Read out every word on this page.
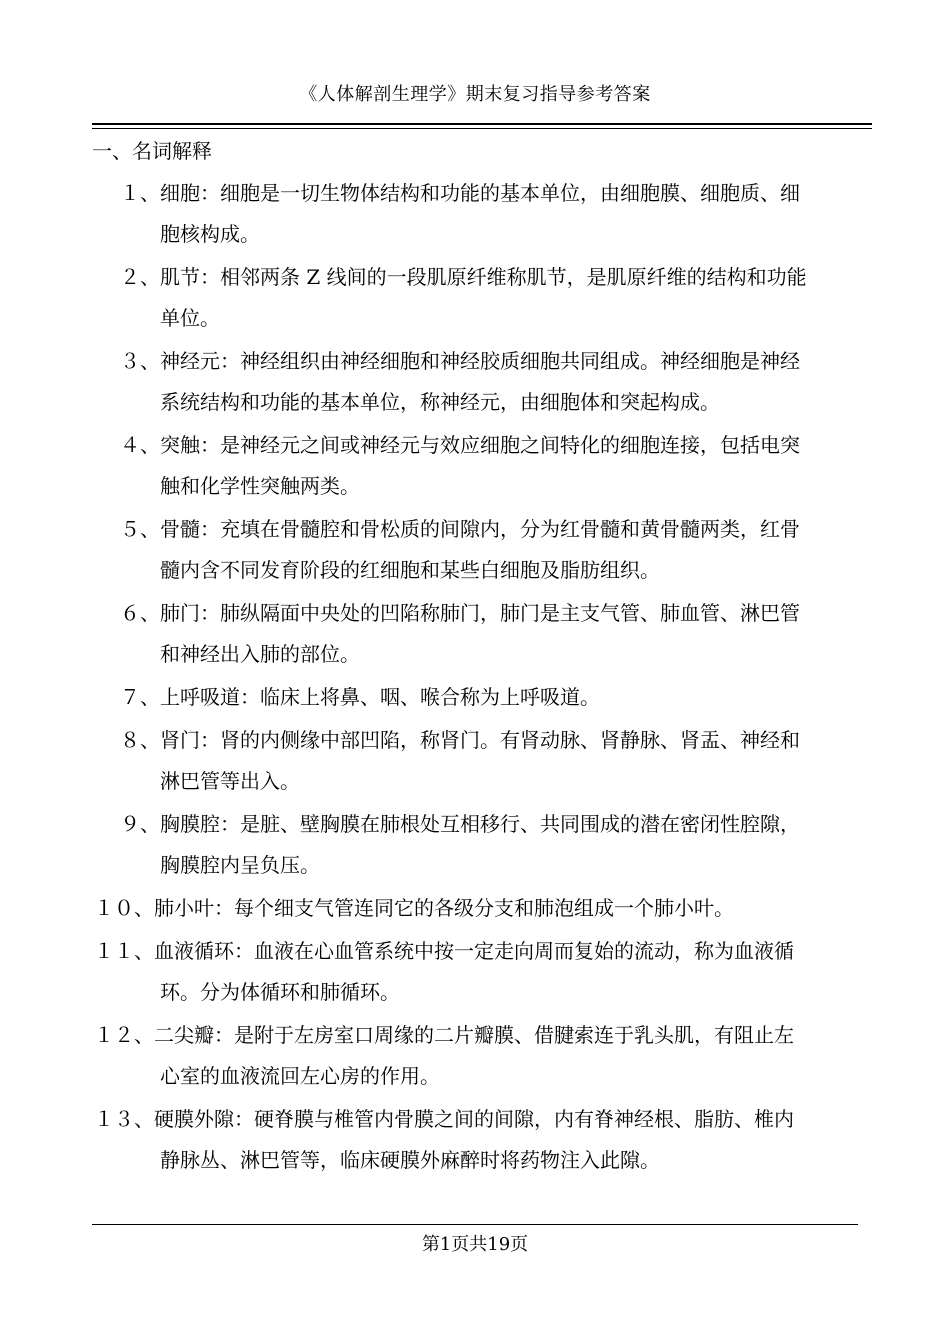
《人体解剖生理学》期末复习指导参考答案
一、名词解释
１、细胞：细胞是一切生物体结构和功能的基本单位，由细胞膜、细胞质、细
胞核构成。
２、肌节：相邻两条 Z 线间的一段肌原纤维称肌节，是肌原纤维的结构和功能
单位。
３、神经元：神经组织由神经细胞和神经胶质细胞共同组成。神经细胞是神经
系统结构和功能的基本单位，称神经元，由细胞体和突起构成。
４、突触：是神经元之间或神经元与效应细胞之间特化的细胞连接，包括电突
触和化学性突触两类。
５、骨髓：充填在骨髓腔和骨松质的间隙内，分为红骨髓和黄骨髓两类，红骨
髓内含不同发育阶段的红细胞和某些白细胞及脂肪组织。
６、肺门：肺纵隔面中央处的凹陷称肺门，肺门是主支气管、肺血管、淋巴管
和神经出入肺的部位。
７、上呼吸道：临床上将鼻、咽、喉合称为上呼吸道。
８、肾门：肾的内侧缘中部凹陷，称肾门。有肾动脉、肾静脉、肾盂、神经和
淋巴管等出入。
９、胸膜腔：是脏、壁胸膜在肺根处互相移行、共同围成的潜在密闭性腔隙，
胸膜腔内呈负压。
１０、肺小叶：每个细支气管连同它的各级分支和肺泡组成一个肺小叶。
１１、血液循环：血液在心血管系统中按一定走向周而复始的流动，称为血液循
环。分为体循环和肺循环。
１２、二尖瓣：是附于左房室口周缘的二片瓣膜、借腱索连于乳头肌，有阻止左
心室的血液流回左心房的作用。
１３、硬膜外隙：硬脊膜与椎管内骨膜之间的间隙，内有脊神经根、脂肪、椎内
静脉丛、淋巴管等，临床硬膜外麻醉时将药物注入此隙。
第1页共19页
